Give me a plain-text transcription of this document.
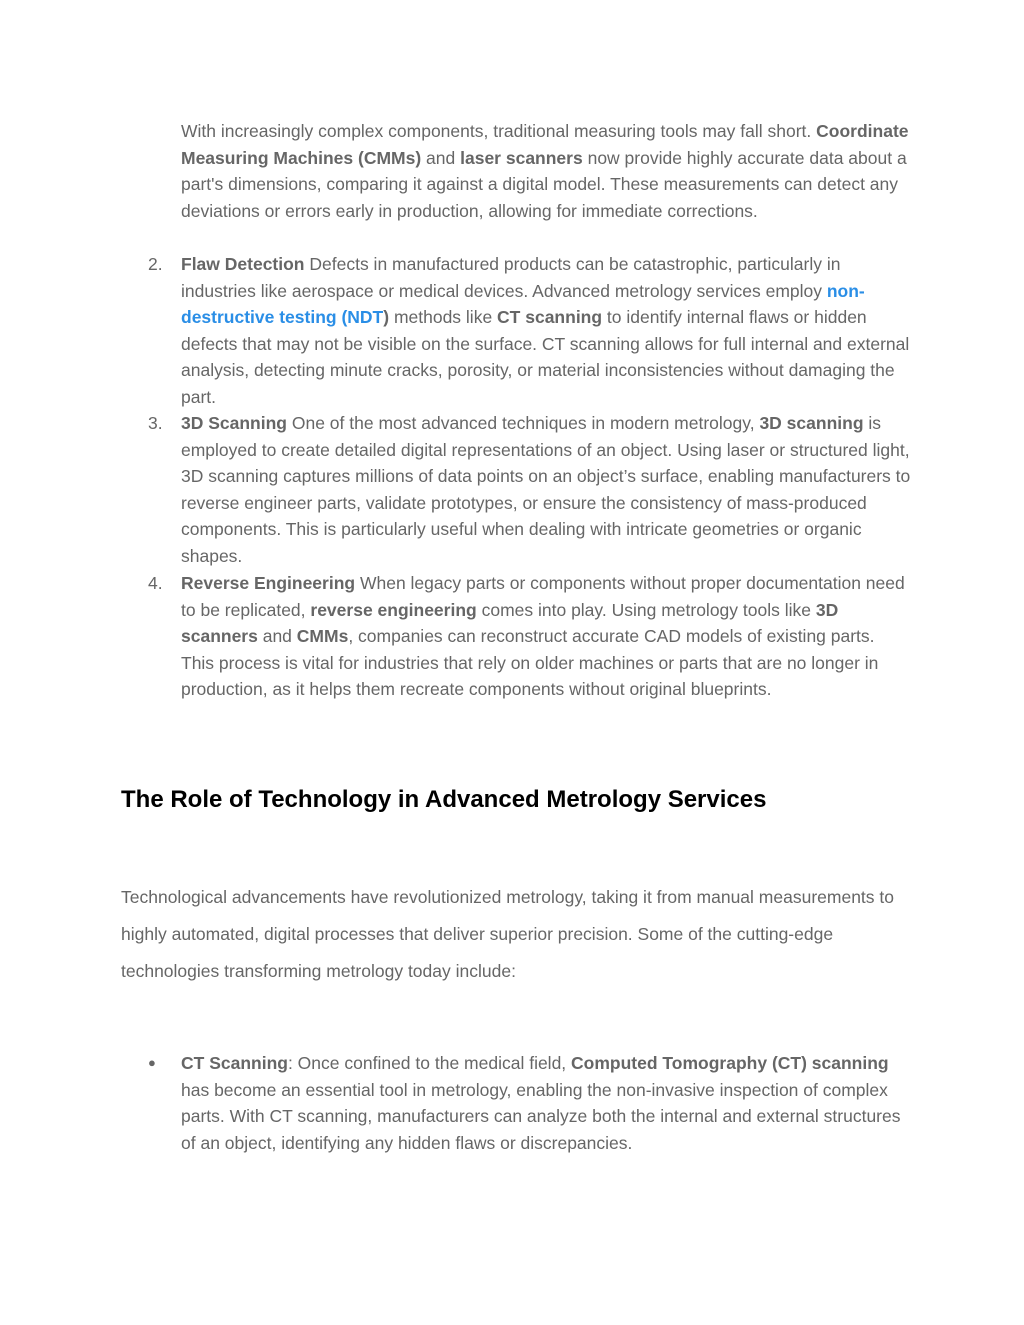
With increasingly complex components, traditional measuring tools may fall short. Coordinate Measuring Machines (CMMs) and laser scanners now provide highly accurate data about a part's dimensions, comparing it against a digital model. These measurements can detect any deviations or errors early in production, allowing for immediate corrections.
2.	Flaw Detection Defects in manufactured products can be catastrophic, particularly in industries like aerospace or medical devices. Advanced metrology services employ non-destructive testing (NDT) methods like CT scanning to identify internal flaws or hidden defects that may not be visible on the surface. CT scanning allows for full internal and external analysis, detecting minute cracks, porosity, or material inconsistencies without damaging the part.
3.	3D Scanning One of the most advanced techniques in modern metrology, 3D scanning is employed to create detailed digital representations of an object. Using laser or structured light, 3D scanning captures millions of data points on an object’s surface, enabling manufacturers to reverse engineer parts, validate prototypes, or ensure the consistency of mass-produced components. This is particularly useful when dealing with intricate geometries or organic shapes.
4.	Reverse Engineering When legacy parts or components without proper documentation need to be replicated, reverse engineering comes into play. Using metrology tools like 3D scanners and CMMs, companies can reconstruct accurate CAD models of existing parts. This process is vital for industries that rely on older machines or parts that are no longer in production, as it helps them recreate components without original blueprints.
The Role of Technology in Advanced Metrology Services

Technological advancements have revolutionized metrology, taking it from manual measurements to highly automated, digital processes that deliver superior precision. Some of the cutting-edge technologies transforming metrology today include:

● CT Scanning: Once confined to the medical field, Computed Tomography (CT) scanning has become an essential tool in metrology, enabling the non-invasive inspection of complex parts. With CT scanning, manufacturers can analyze both the internal and external structures of an object, identifying any hidden flaws or discrepancies.
